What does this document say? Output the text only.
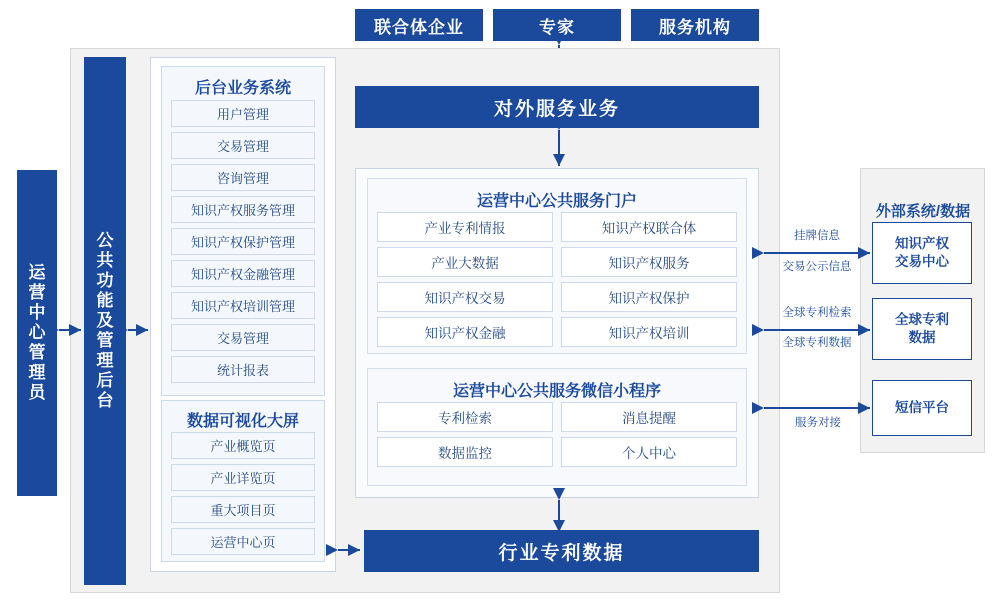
联合体企业	专家	服务机构
运
营
中
心
管
理
员
公
共
功
能
及
管
理
后
台
后台业务系统
用户管理
交易管理
咨询管理
知识产权服务管理
知识产权保护管理
知识产权金融管理
知识产权培训管理
交易管理
统计报表
数据可视化大屏
产业概览页
产业详览页
重大项目页
运营中心页
对外服务业务
运营中心公共服务门户
产业专利情报	知识产权联合体
产业大数据	知识产权服务
知识产权交易	知识产权保护
知识产权金融	知识产权培训
运营中心公共服务微信小程序
专利检索	消息提醒
数据监控	个人中心
行业专利数据
外部系统/数据
知识产权
交易中心
全球专利
数据
短信平台
挂牌信息
交易公示信息
全球专利检索
全球专利数据
服务对接
